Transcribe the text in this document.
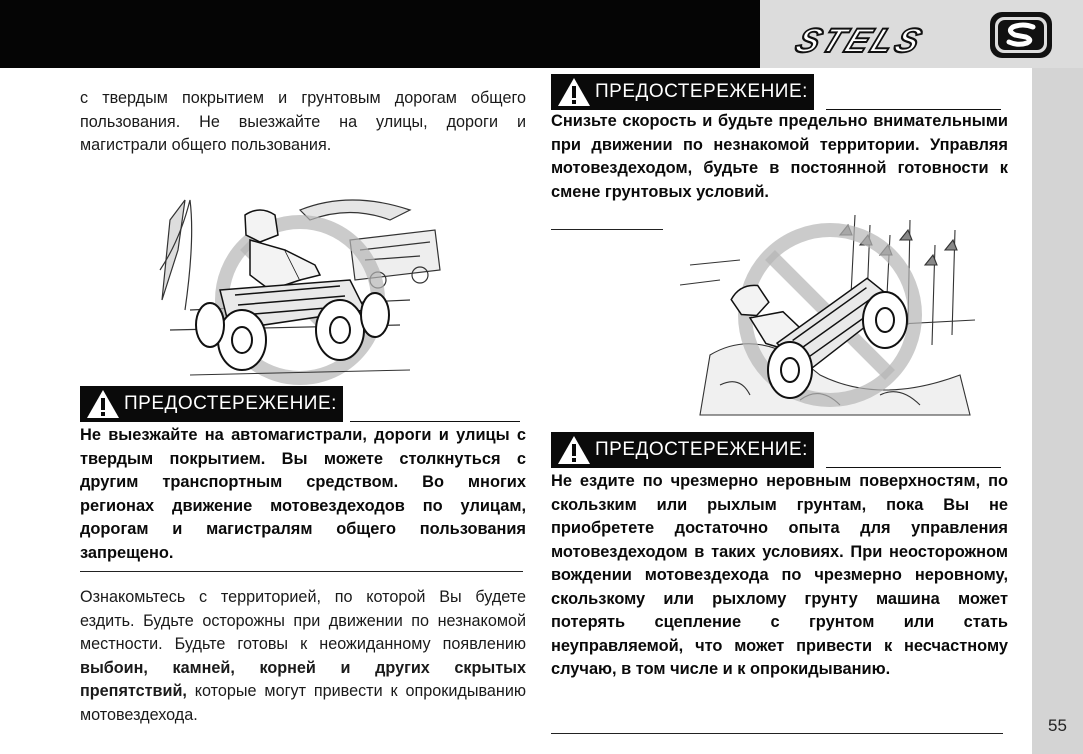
STELS
55

с твердым покрытием и грунтовым дорогам общего пользования. Не выезжайте на улицы, дороги и магистрали общего пользования.

ПРЕДОСТЕРЕЖЕНИЕ:

Не выезжайте на автомагистрали, дороги и улицы с твердым покрытием. Вы можете столкнуться с другим транспортным средством. Во многих регионах движение мотовездеходов по улицам, дорогам и магистралям общего пользования запрещено.

Ознакомьтесь с территорией, по которой Вы будете ездить. Будьте осторожны при движении по незнакомой местности. Будьте готовы к неожиданному появлению выбоин, камней, корней и других скрытых препятствий, которые могут привести к опрокидыванию мотовездехода.

ПРЕДОСТЕРЕЖЕНИЕ:

Снизьте скорость и будьте предельно внимательными при движении по незнакомой территории. Управляя мотовездеходом, будьте в постоянной готовности к смене грунтовых условий.

ПРЕДОСТЕРЕЖЕНИЕ:

Не ездите по чрезмерно неровным поверхностям, по скользким или рыхлым грунтам, пока Вы не приобретете достаточно опыта для управления мотовездеходом в таких условиях. При неосторожном вождении мотовездехода по чрезмерно неровному, скользкому или рыхлому грунту машина может потерять сцепление с грунтом или стать неуправляемой, что может привести к несчастному случаю, в том числе и к опрокидыванию.
